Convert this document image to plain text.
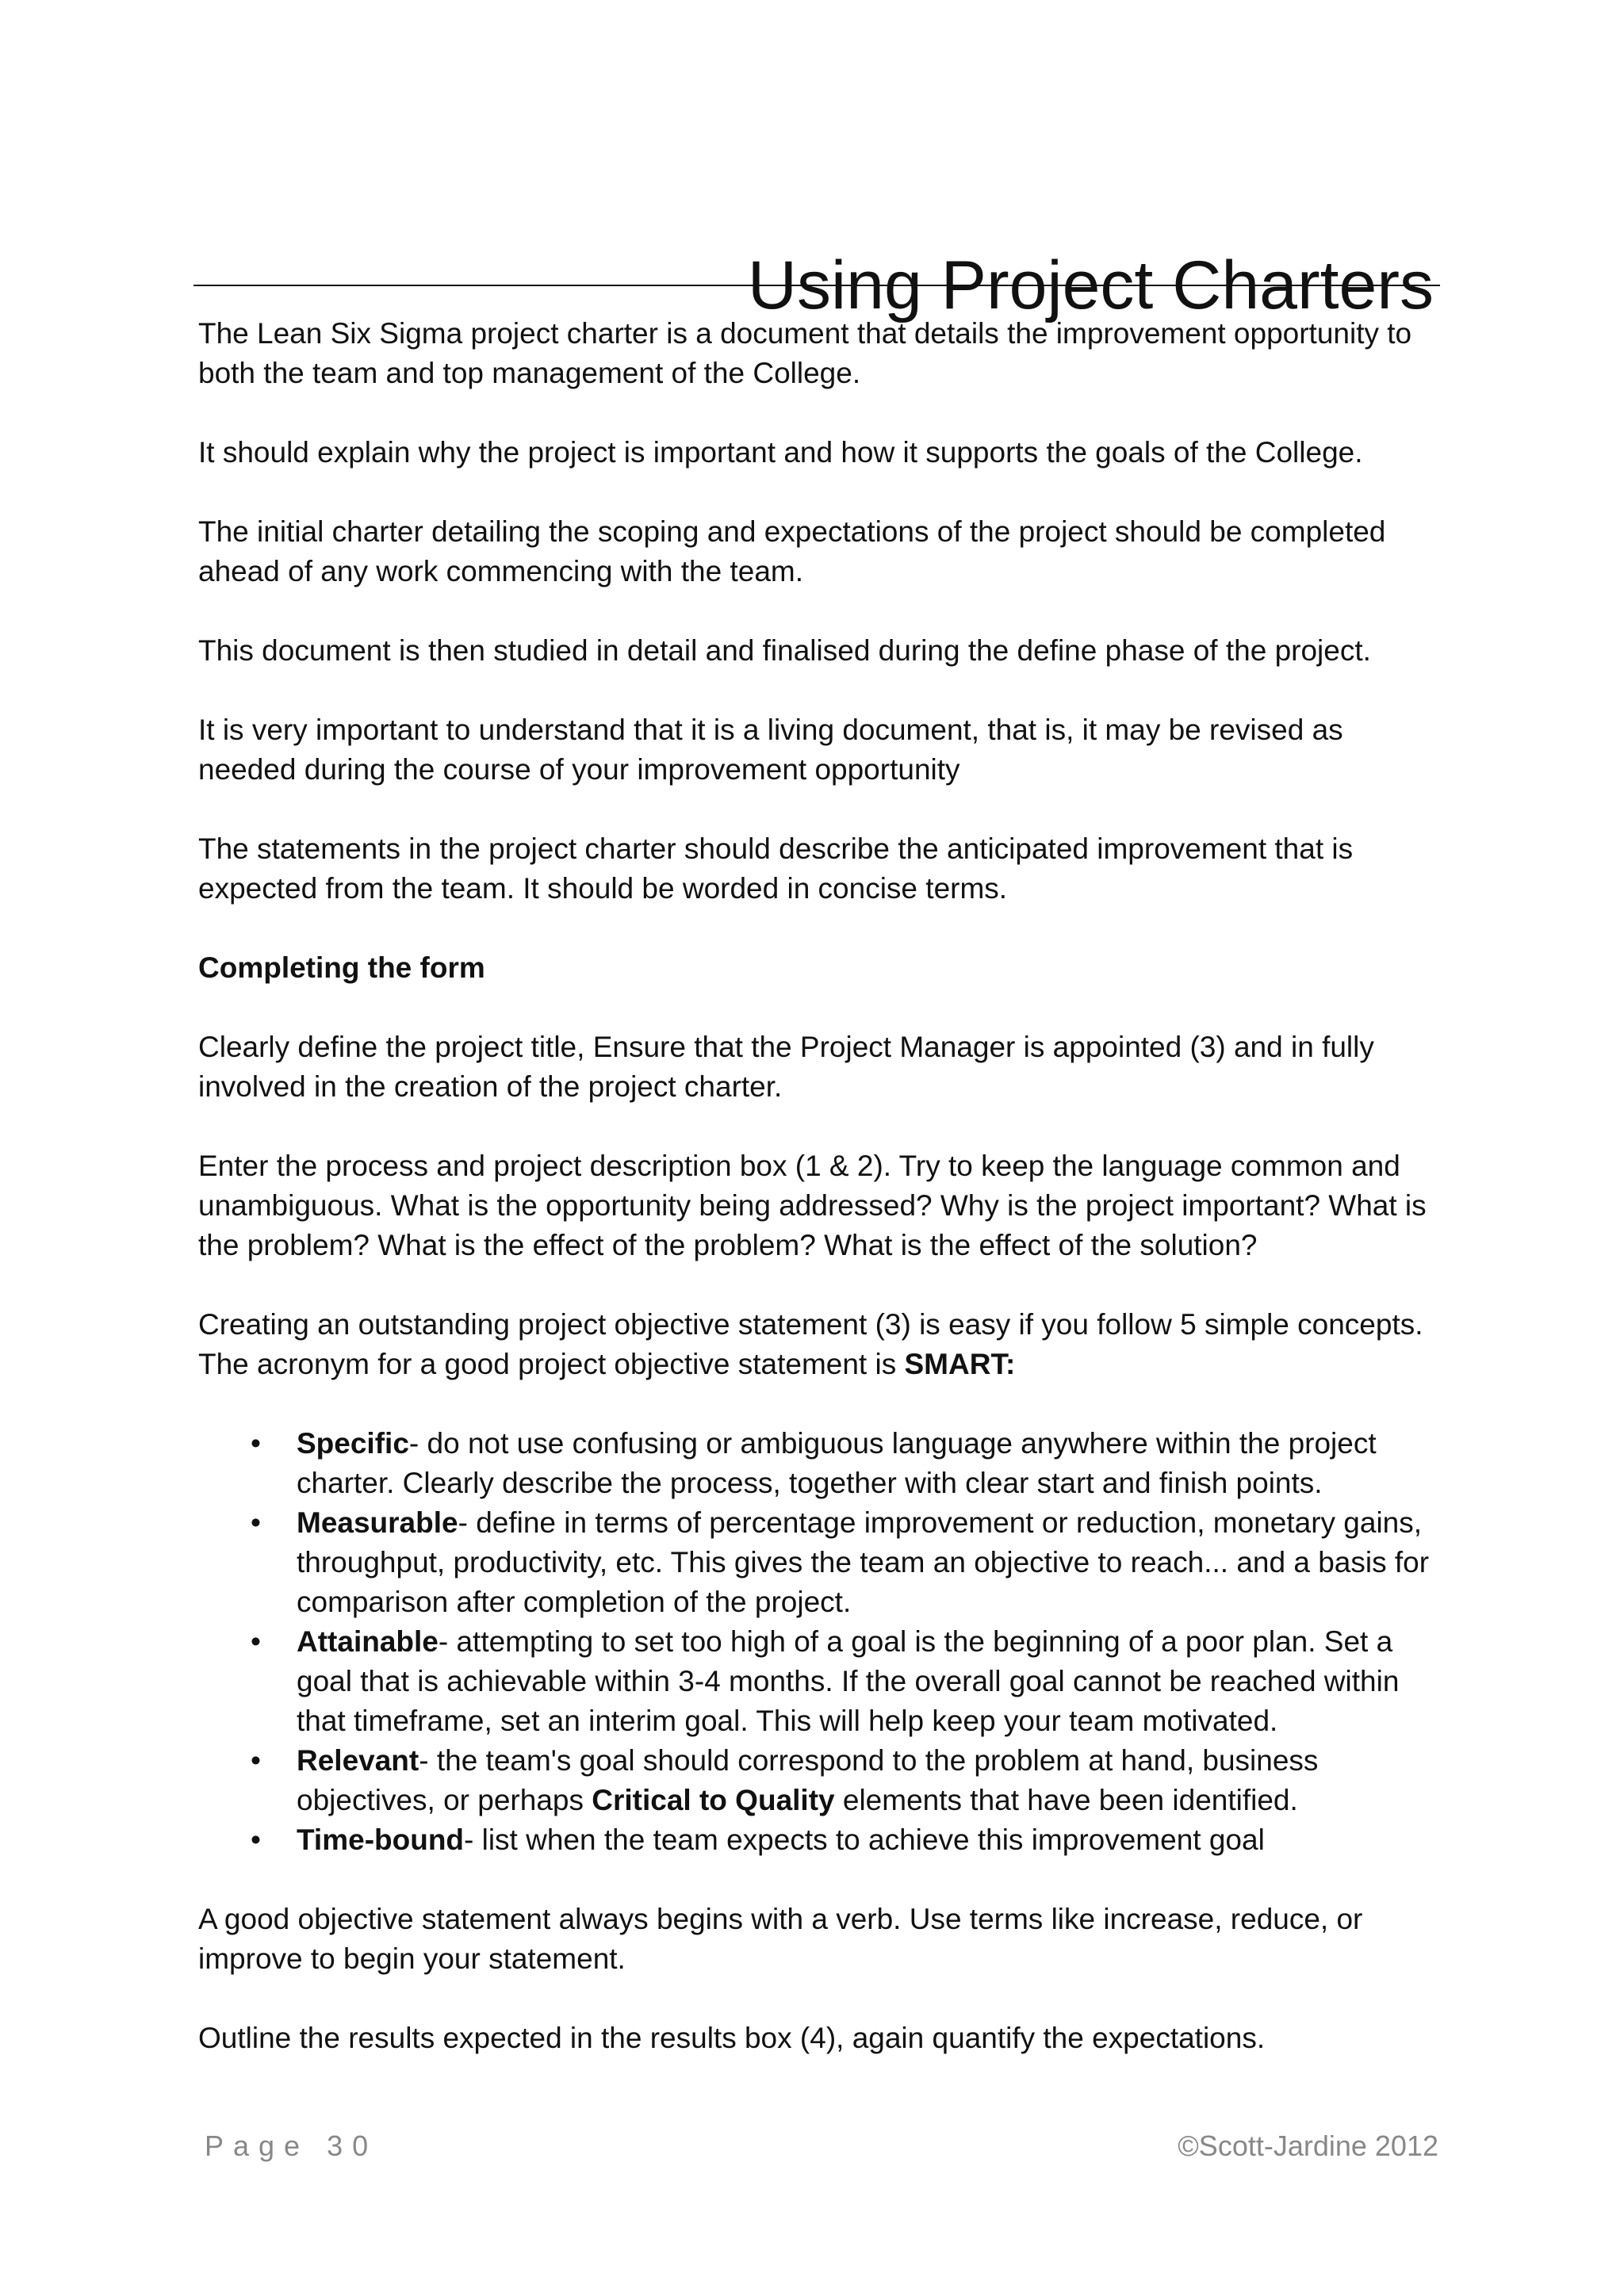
Using Project Charters

The Lean Six Sigma project charter is a document that details the improvement opportunity to both the team and top management of the College.

It should explain why the project is important and how it supports the goals of the College.

The initial charter detailing the scoping and expectations of the project should be completed ahead of any work commencing with the team.

This document is then studied in detail and finalised during the define phase of the project.

It is very important to understand that it is a living document, that is, it may be revised as needed during the course of your improvement opportunity

The statements in the project charter should describe the anticipated improvement that is expected from the team. It should be worded in concise terms.

Completing the form

Clearly define the project title, Ensure that the Project Manager is appointed (3) and in fully involved in the creation of the project charter.

Enter the process and project description box (1 & 2). Try to keep the language common and unambiguous. What is the opportunity being addressed? Why is the project important? What is the problem? What is the effect of the problem? What is the effect of the solution?

Creating an outstanding project objective statement (3) is easy if you follow 5 simple concepts. The acronym for a good project objective statement is SMART:

• Specific- do not use confusing or ambiguous language anywhere within the project charter. Clearly describe the process, together with clear start and finish points.
• Measurable- define in terms of percentage improvement or reduction, monetary gains, throughput, productivity, etc. This gives the team an objective to reach... and a basis for comparison after completion of the project.
• Attainable- attempting to set too high of a goal is the beginning of a poor plan. Set a goal that is achievable within 3-4 months. If the overall goal cannot be reached within that timeframe, set an interim goal. This will help keep your team motivated.
• Relevant- the team's goal should correspond to the problem at hand, business objectives, or perhaps Critical to Quality elements that have been identified.
• Time-bound- list when the team expects to achieve this improvement goal

A good objective statement always begins with a verb. Use terms like increase, reduce, or improve to begin your statement.

Outline the results expected in the results box (4), again quantify the expectations.

Page 30	©Scott-Jardine 2012
